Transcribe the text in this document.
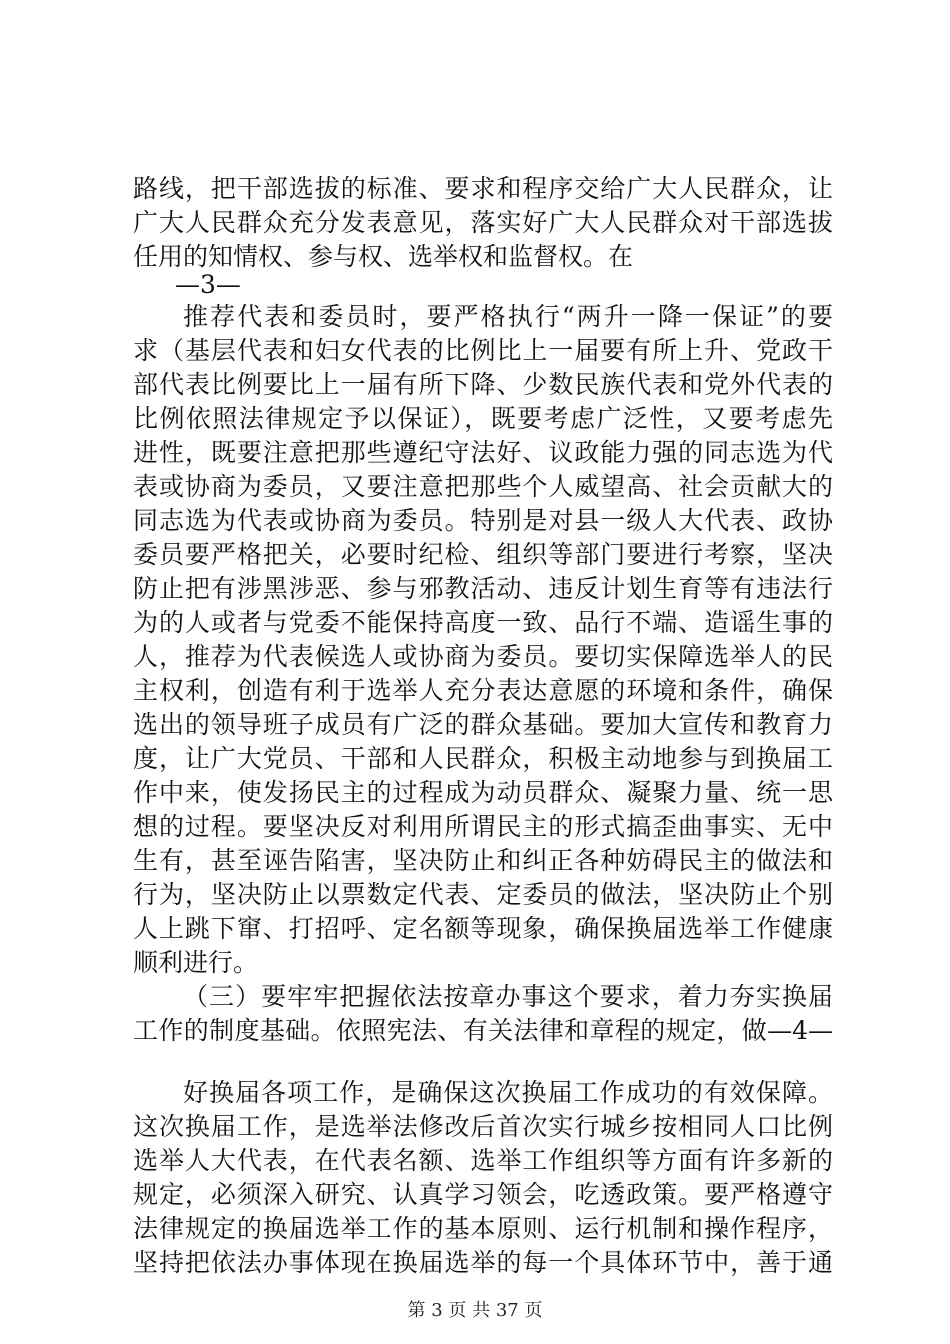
路线，把干部选拔的标准、要求和程序交给广大人民群众，让
广大人民群众充分发表意见，落实好广大人民群众对干部选拔
任用的知情权、参与权、选举权和监督权。在
—3—
推荐代表和委员时，要严格执行“两升一降一保证”的要
求（基层代表和妇女代表的比例比上一届要有所上升、党政干
部代表比例要比上一届有所下降、少数民族代表和党外代表的
比例依照法律规定予以保证），既要考虑广泛性，又要考虑先
进性，既要注意把那些遵纪守法好、议政能力强的同志选为代
表或协商为委员，又要注意把那些个人威望高、社会贡献大的
同志选为代表或协商为委员。特别是对县一级人大代表、政协
委员要严格把关，必要时纪检、组织等部门要进行考察，坚决
防止把有涉黑涉恶、参与邪教活动、违反计划生育等有违法行
为的人或者与党委不能保持高度一致、品行不端、造谣生事的
人，推荐为代表候选人或协商为委员。要切实保障选举人的民
主权利，创造有利于选举人充分表达意愿的环境和条件，确保
选出的领导班子成员有广泛的群众基础。要加大宣传和教育力
度，让广大党员、干部和人民群众，积极主动地参与到换届工
作中来，使发扬民主的过程成为动员群众、凝聚力量、统一思
想的过程。要坚决反对利用所谓民主的形式搞歪曲事实、无中
生有，甚至诬告陷害，坚决防止和纠正各种妨碍民主的做法和
行为，坚决防止以票数定代表、定委员的做法，坚决防止个别
人上跳下窜、打招呼、定名额等现象，确保换届选举工作健康
顺利进行。
（三）要牢牢把握依法按章办事这个要求，着力夯实换届
工作的制度基础。依照宪法、有关法律和章程的规定，做—4—
好换届各项工作，是确保这次换届工作成功的有效保障。
这次换届工作，是选举法修改后首次实行城乡按相同人口比例
选举人大代表，在代表名额、选举工作组织等方面有许多新的
规定，必须深入研究、认真学习领会，吃透政策。要严格遵守
法律规定的换届选举工作的基本原则、运行机制和操作程序，
坚持把依法办事体现在换届选举的每一个具体环节中，善于通
第 3 页 共 37 页
